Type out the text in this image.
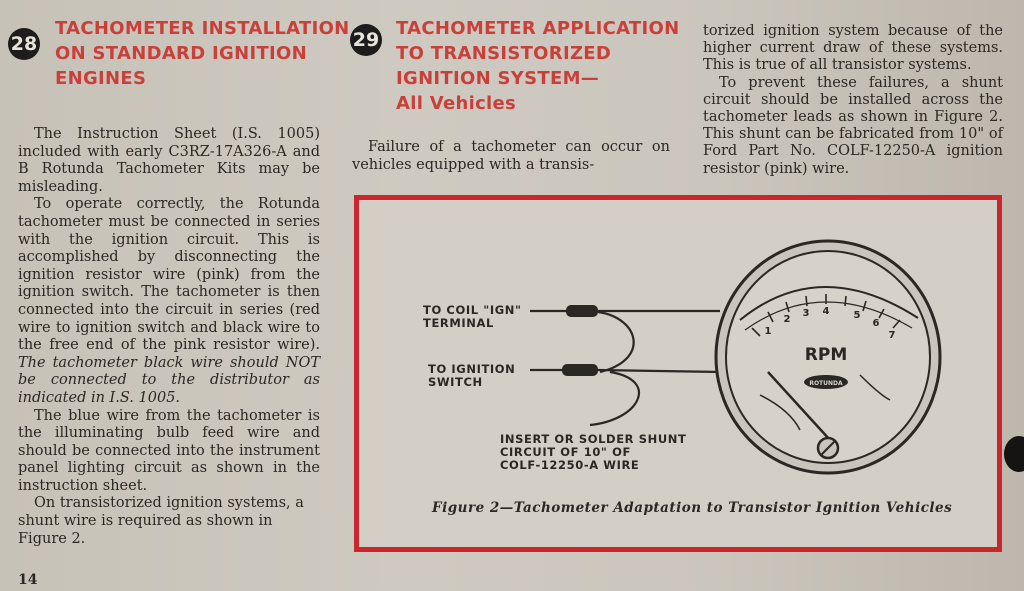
28
TACHOMETER INSTALLATION
ON STANDARD IGNITION
ENGINES

The Instruction Sheet (I.S. 1005) included with early C3RZ-17A326-A and B Rotunda Tachometer Kits may be misleading.

To operate correctly, the Rotunda tachometer must be connected in series with the ignition circuit. This is accomplished by disconnecting the ignition resistor wire (pink) from the ignition switch. The tachometer is then connected into the circuit in series (red wire to ignition switch and black wire to the free end of the pink resistor wire). The tachometer black wire should NOT be connected to the distributor as indicated in I.S. 1005.

The blue wire from the tachometer is the illuminating bulb feed wire and should be connected into the instrument panel lighting circuit as shown in the instruction sheet.

On transistorized ignition systems, a shunt wire is required as shown in Figure 2.

29
TACHOMETER APPLICATION
TO TRANSISTORIZED
IGNITION SYSTEM—
All Vehicles

Failure of a tachometer can occur on vehicles equipped with a transis-

torized ignition system because of the higher current draw of these systems. This is true of all transistor systems.

To prevent these failures, a shunt circuit should be installed across the tachometer leads as shown in Figure 2. This shunt can be fabricated from 10" of Ford Part No. COLF-12250-A ignition resistor (pink) wire.

1
2
3 4 5
6
7
RPM
ROTUNDA
TO COIL "IGN"
TERMINAL
TO IGNITION
SWITCH
INSERT OR SOLDER SHUNT
CIRCUIT OF 10" OF
COLF-12250-A WIRE
Figure 2—Tachometer Adaptation to Transistor Ignition Vehicles
14
